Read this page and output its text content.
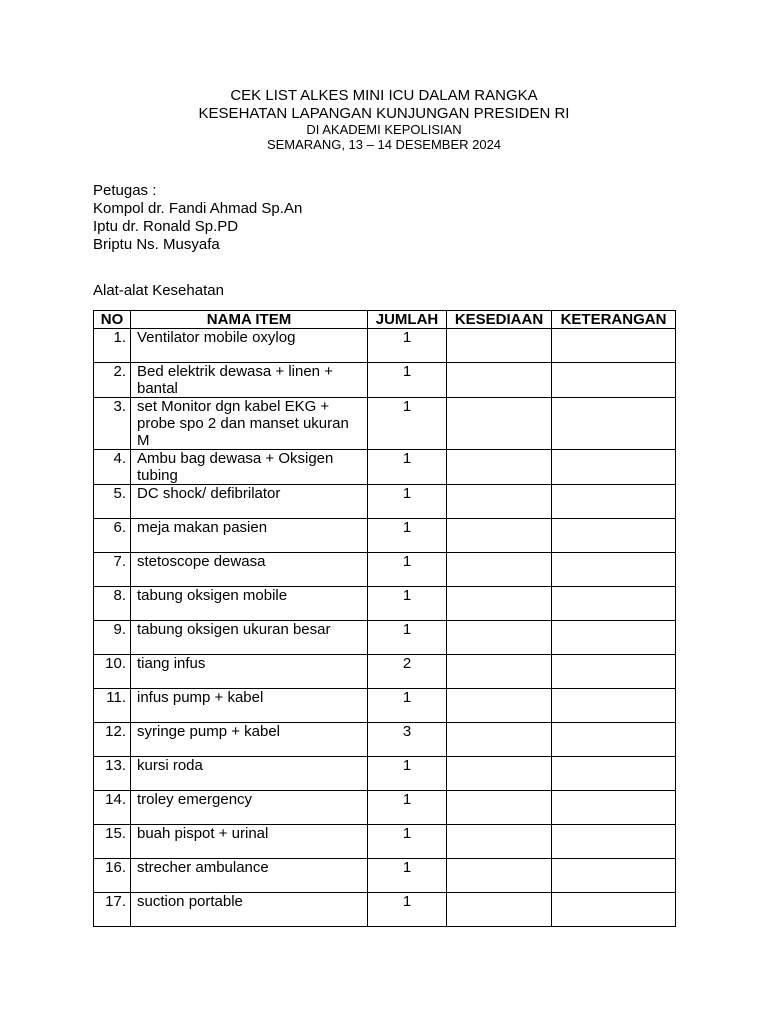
CEK LIST ALKES MINI ICU DALAM RANGKA
KESEHATAN LAPANGAN KUNJUNGAN PRESIDEN RI
DI AKADEMI KEPOLISIAN
SEMARANG, 13 – 14 DESEMBER 2024
Petugas :
Kompol dr. Fandi Ahmad Sp.An
Iptu dr. Ronald Sp.PD
Briptu Ns. Musyafa
Alat-alat Kesehatan
NO	NAMA ITEM	JUMLAH	KESEDIAAN	KETERANGAN
1.	Ventilator mobile oxylog	1		
2.	Bed elektrik dewasa + linen + bantal	1		
3.	set Monitor dgn kabel EKG + probe spo 2 dan manset ukuran M	1		
4.	Ambu bag dewasa + Oksigen tubing	1		
5.	DC shock/ defibrilator	1		
6.	meja makan pasien	1		
7.	stetoscope dewasa	1		
8.	tabung oksigen mobile	1		
9.	tabung oksigen ukuran besar	1		
10.	tiang infus	2		
11.	infus pump + kabel	1		
12.	syringe pump + kabel	3		
13.	kursi roda	1		
14.	troley emergency	1		
15.	buah pispot + urinal	1		
16.	strecher ambulance	1		
17.	suction portable	1		
